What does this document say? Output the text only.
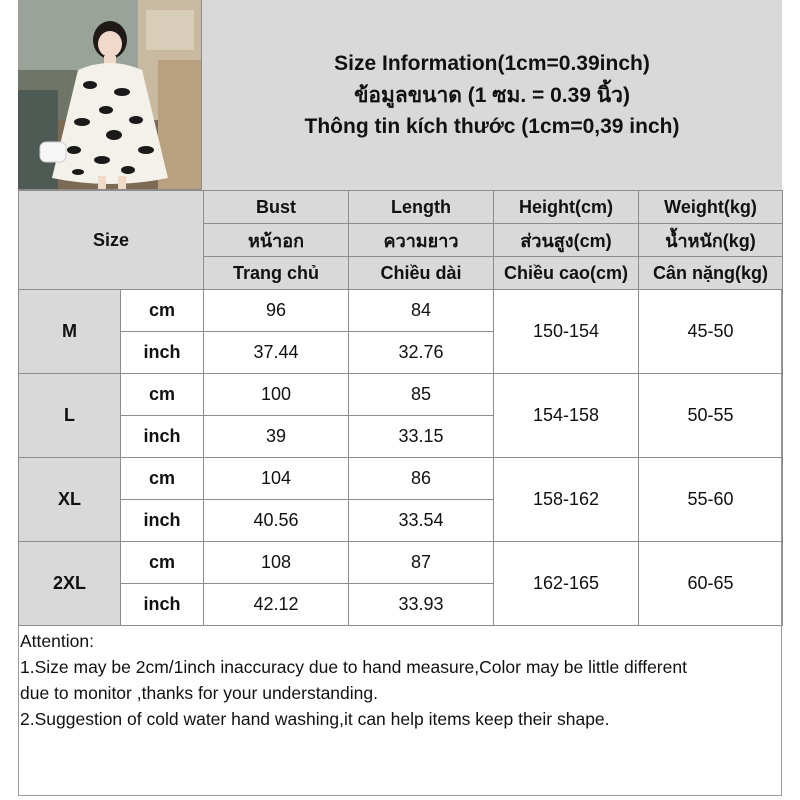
Size Information(1cm=0.39inch)
ข้อมูลขนาด (1 ซม. = 0.39 นิ้ว)
Thông tin kích thước (1cm=0,39 inch)
Size		Bust	Length	Height(cm)	Weight(kg)
		หน้าอก	ความยาว	ส่วนสูง(cm)	น้ำหนัก(kg)
		Trang chủ	Chiều dài	Chiều cao(cm)	Cân nặng(kg)
M	cm	96	84	150-154	45-50
	inch	37.44	32.76		
L	cm	100	85	154-158	50-55
	inch	39	33.15		
XL	cm	104	86	158-162	55-60
	inch	40.56	33.54		
2XL	cm	108	87	162-165	60-65
	inch	42.12	33.93		
Attention:
1.Size may be 2cm/1inch inaccuracy due to hand measure,Color may be little different
due to monitor ,thanks for your understanding.
2.Suggestion of cold water hand washing,it can help items keep their shape.
